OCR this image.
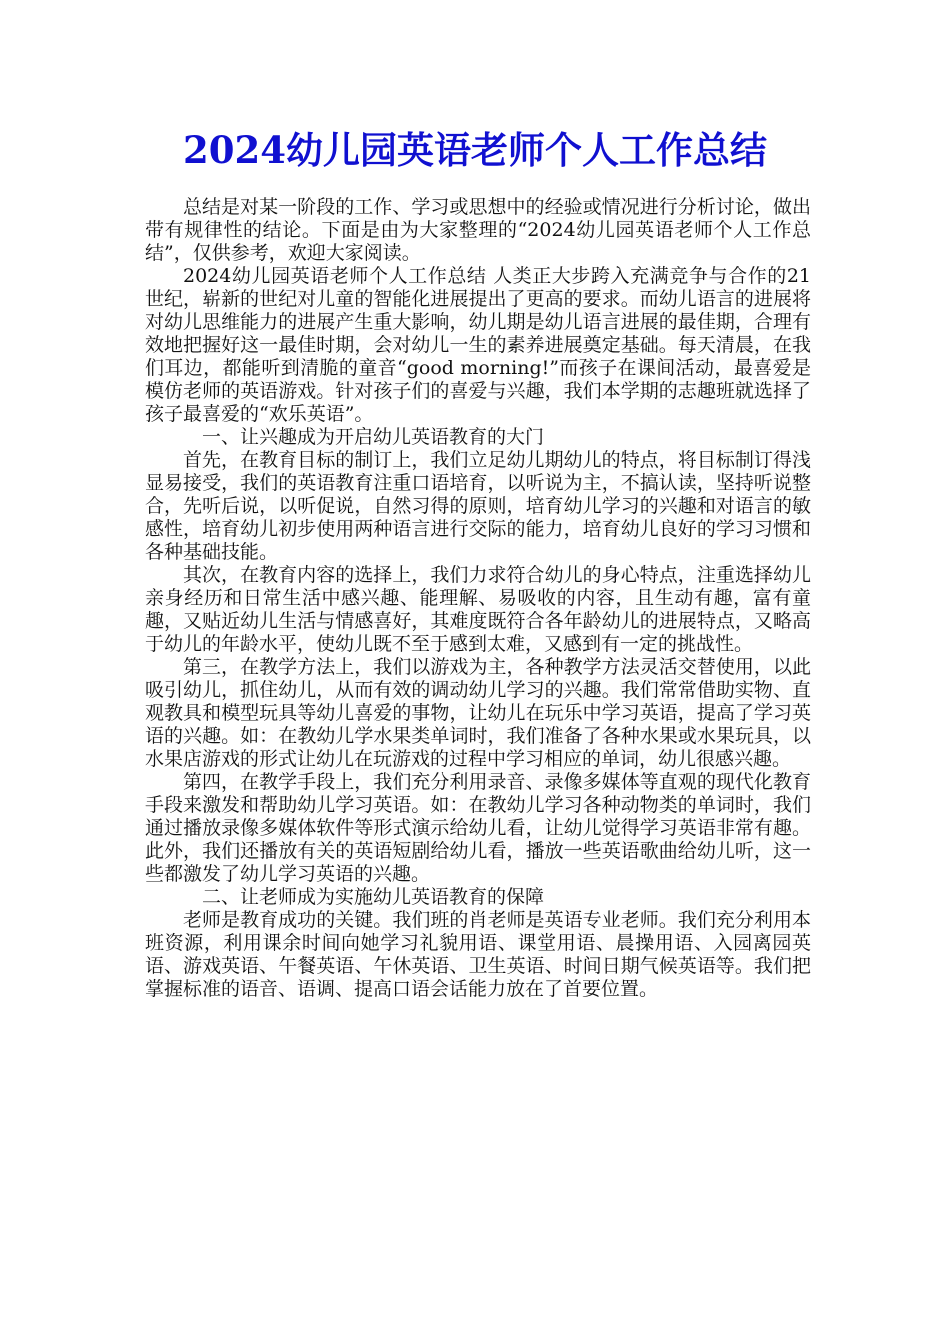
2024幼儿园英语老师个人工作总结

总结是对某一阶段的工作、学习或思想中的经验或情况进行分析讨论，做出带有规律性的结论。下面是由为大家整理的“2024幼儿园英语老师个人工作总结”，仅供参考，欢迎大家阅读。

2024幼儿园英语老师个人工作总结 人类正大步跨入充满竞争与合作的21世纪，崭新的世纪对儿童的智能化进展提出了更高的要求。而幼儿语言的进展将对幼儿思维能力的进展产生重大影响，幼儿期是幼儿语言进展的最佳期，合理有效地把握好这一最佳时期，会对幼儿一生的素养进展奠定基础。每天清晨，在我们耳边，都能听到清脆的童音“good morning!”而孩子在课间活动，最喜爱是模仿老师的英语游戏。针对孩子们的喜爱与兴趣，我们本学期的志趣班就选择了孩子最喜爱的“欢乐英语”。

一、让兴趣成为开启幼儿英语教育的大门

首先，在教育目标的制订上，我们立足幼儿期幼儿的特点，将目标制订得浅显易接受，我们的英语教育注重口语培育，以听说为主，不搞认读，坚持听说整合，先听后说，以听促说，自然习得的原则，培育幼儿学习的兴趣和对语言的敏感性，培育幼儿初步使用两种语言进行交际的能力，培育幼儿良好的学习习惯和各种基础技能。

其次，在教育内容的选择上，我们力求符合幼儿的身心特点，注重选择幼儿亲身经历和日常生活中感兴趣、能理解、易吸收的内容，且生动有趣，富有童趣，又贴近幼儿生活与情感喜好，其难度既符合各年龄幼儿的进展特点，又略高于幼儿的年龄水平，使幼儿既不至于感到太难，又感到有一定的挑战性。

第三，在教学方法上，我们以游戏为主，各种教学方法灵活交替使用，以此吸引幼儿，抓住幼儿，从而有效的调动幼儿学习的兴趣。我们常常借助实物、直观教具和模型玩具等幼儿喜爱的事物，让幼儿在玩乐中学习英语，提高了学习英语的兴趣。如：在教幼儿学水果类单词时，我们准备了各种水果或水果玩具，以水果店游戏的形式让幼儿在玩游戏的过程中学习相应的单词，幼儿很感兴趣。

第四，在教学手段上，我们充分利用录音、录像多媒体等直观的现代化教育手段来激发和帮助幼儿学习英语。如：在教幼儿学习各种动物类的单词时，我们通过播放录像多媒体软件等形式演示给幼儿看，让幼儿觉得学习英语非常有趣。此外，我们还播放有关的英语短剧给幼儿看，播放一些英语歌曲给幼儿听，这一些都激发了幼儿学习英语的兴趣。

二、让老师成为实施幼儿英语教育的保障

老师是教育成功的关键。我们班的肖老师是英语专业老师。我们充分利用本班资源，利用课余时间向她学习礼貌用语、课堂用语、晨操用语、入园离园英语、游戏英语、午餐英语、午休英语、卫生英语、时间日期气候英语等。我们把掌握标准的语音、语调、提高口语会话能力放在了首要位置。
